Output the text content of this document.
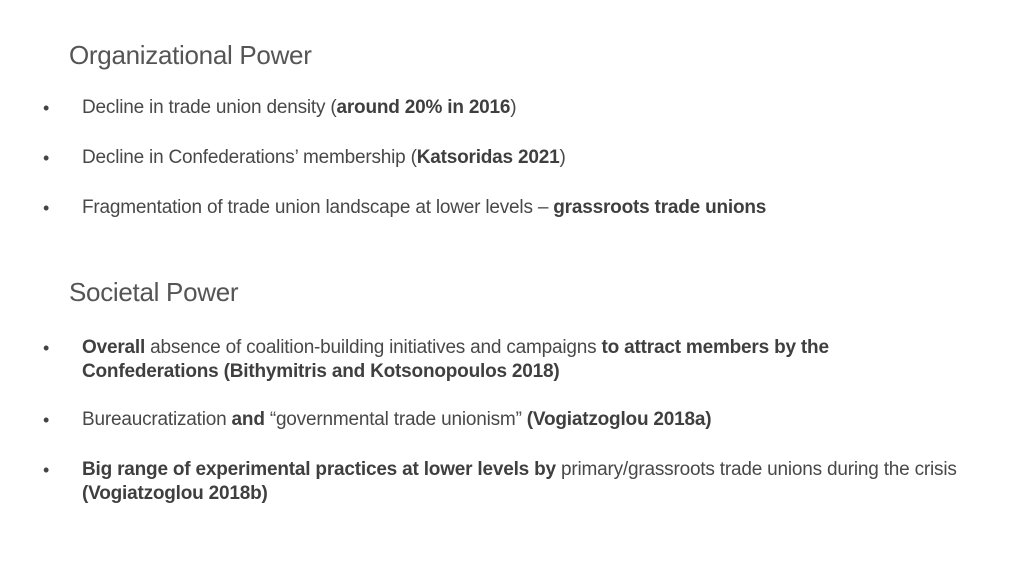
Organizational Power
• Decline in trade union density (around 20% in 2016)
• Decline in Confederations’ membership (Katsoridas 2021)
• Fragmentation of trade union landscape at lower levels – grassroots trade unions
Societal Power
• Overall absence of coalition-building initiatives and campaigns to attract members by the Confederations (Bithymitris and Kotsonopoulos 2018)
• Bureaucratization and “governmental trade unionism” (Vogiatzoglou 2018a)
• Big range of experimental practices at lower levels by primary/grassroots trade unions during the crisis (Vogiatzoglou 2018b)
